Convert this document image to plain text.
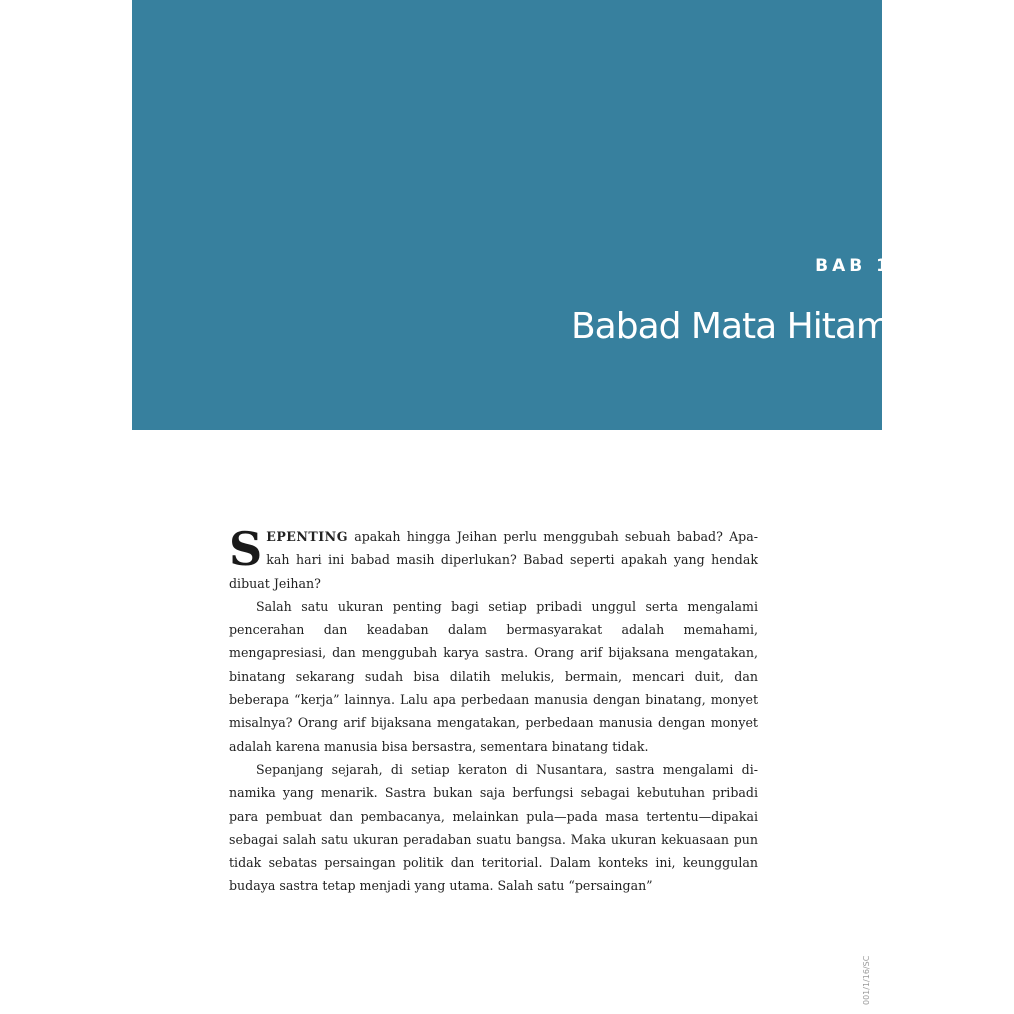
BAB 1
Babad Mata Hitam

SEPENTING apakah hingga Jeihan perlu menggubah sebuah babad? Apakah hari ini babad masih diperlukan? Babad seperti apakah yang hendak dibuat Jeihan?

Salah satu ukuran penting bagi setiap pribadi unggul serta mengalami pencerahan dan keadaban dalam bermasyarakat adalah memahami, mengapresiasi, dan menggubah karya sastra. Orang arif bijaksana mengatakan, binatang sekarang sudah bisa dilatih melukis, bermain, mencari duit, dan beberapa “kerja” lainnya. Lalu apa perbedaan manusia dengan binatang, monyet misalnya? Orang arif bijaksana mengatakan, perbedaan manusia dengan monyet adalah karena manusia bisa bersastra, sementara binatang tidak.

Sepanjang sejarah, di setiap keraton di Nusantara, sastra mengalami dinamika yang menarik. Sastra bukan saja berfungsi sebagai kebutuhan pribadi para pembuat dan pembacanya, melainkan pula—pada masa tertentu—dipakai sebagai salah satu ukuran peradaban suatu bangsa. Maka ukuran kekuasaan pun tidak sebatas persaingan politik dan teritorial. Dalam konteks ini, keunggulan budaya sastra tetap menjadi yang utama. Salah satu “persaingan”

001/1/16/SC
